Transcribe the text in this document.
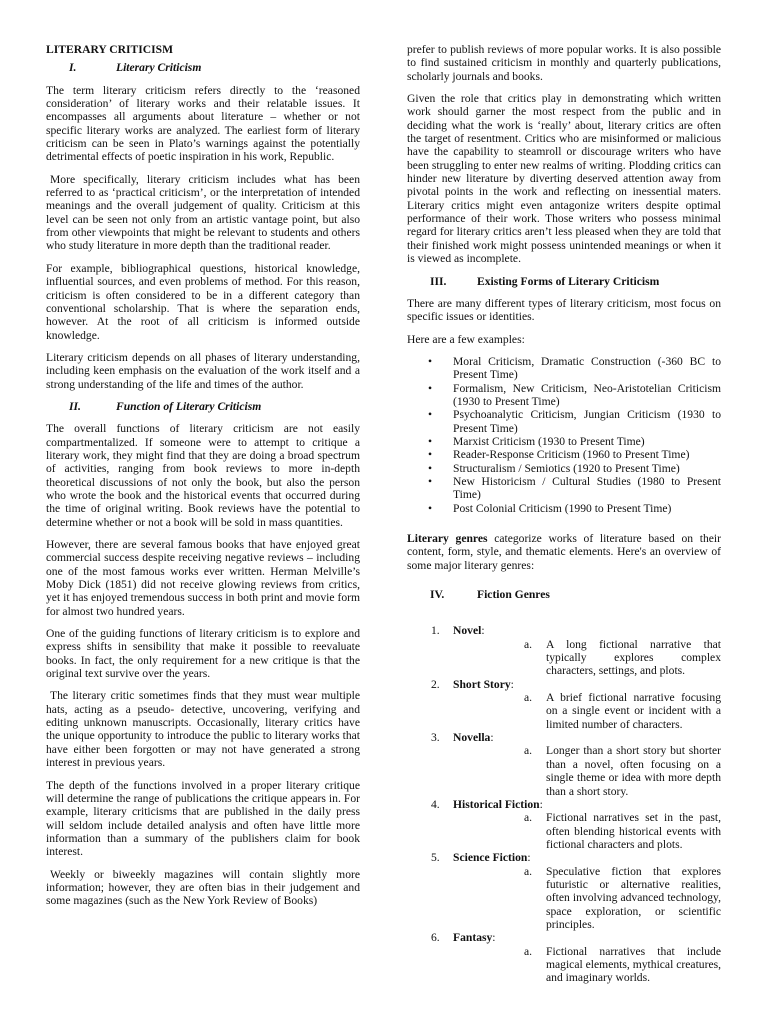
LITERARY CRITICISM
I.	Literary Criticism

The term literary criticism refers directly to the ‘reasoned consideration’ of literary works and their relatable issues. It encompasses all arguments about literature – whether or not specific literary works are analyzed. The earliest form of literary criticism can be seen in Plato’s warnings against the potentially detrimental effects of poetic inspiration in his work, Republic.

More specifically, literary criticism includes what has been referred to as ‘practical criticism’, or the interpretation of intended meanings and the overall judgement of quality. Criticism at this level can be seen not only from an artistic vantage point, but also from other viewpoints that might be relevant to students and others who study literature in more depth than the traditional reader.

For example, bibliographical questions, historical knowledge, influential sources, and even problems of method. For this reason, criticism is often considered to be in a different category than conventional scholarship. That is where the separation ends, however. At the root of all criticism is informed outside knowledge.

Literary criticism depends on all phases of literary understanding, including keen emphasis on the evaluation of the work itself and a strong understanding of the life and times of the author.

II.	Function of Literary Criticism

The overall functions of literary criticism are not easily compartmentalized. If someone were to attempt to critique a literary work, they might find that they are doing a broad spectrum of activities, ranging from book reviews to more in-depth theoretical discussions of not only the book, but also the person who wrote the book and the historical events that occurred during the time of original writing. Book reviews have the potential to determine whether or not a book will be sold in mass quantities.

However, there are several famous books that have enjoyed great commercial success despite receiving negative reviews – including one of the most famous works ever written. Herman Melville’s Moby Dick (1851) did not receive glowing reviews from critics, yet it has enjoyed tremendous success in both print and movie form for almost two hundred years.

One of the guiding functions of literary criticism is to explore and express shifts in sensibility that make it possible to reevaluate books. In fact, the only requirement for a new critique is that the original text survive over the years.

The literary critic sometimes finds that they must wear multiple hats, acting as a pseudo- detective, uncovering, verifying and editing unknown manuscripts. Occasionally, literary critics have the unique opportunity to introduce the public to literary works that have either been forgotten or may not have generated a strong interest in previous years.

The depth of the functions involved in a proper literary critique will determine the range of publications the critique appears in. For example, literary criticisms that are published in the daily press will seldom include detailed analysis and often have little more information than a summary of the publishers claim for book interest.

Weekly or biweekly magazines will contain slightly more information; however, they are often bias in their judgement and some magazines (such as the New York Review of Books)

prefer to publish reviews of more popular works. It is also possible to find sustained criticism in monthly and quarterly publications, scholarly journals and books.

Given the role that critics play in demonstrating which written work should garner the most respect from the public and in deciding what the work is ‘really’ about, literary critics are often the target of resentment. Critics who are misinformed or malicious have the capability to steamroll or discourage writers who have been struggling to enter new realms of writing. Plodding critics can hinder new literature by diverting deserved attention away from pivotal points in the work and reflecting on inessential maters. Literary critics might even antagonize writers despite optimal performance of their work. Those writers who possess minimal regard for literary critics aren’t less pleased when they are told that their finished work might possess unintended meanings or when it is viewed as incomplete.

III.	Existing Forms of Literary Criticism

There are many different types of literary criticism, most focus on specific issues or identities.

Here are a few examples:

• Moral Criticism, Dramatic Construction (-360 BC to Present Time)
• Formalism, New Criticism, Neo-Aristotelian Criticism (1930 to Present Time)
• Psychoanalytic Criticism, Jungian Criticism (1930 to Present Time)
• Marxist Criticism (1930 to Present Time)
• Reader-Response Criticism (1960 to Present Time)
• Structuralism / Semiotics (1920 to Present Time)
• New Historicism / Cultural Studies (1980 to Present Time)
• Post Colonial Criticism (1990 to Present Time)

Literary genres categorize works of literature based on their content, form, style, and thematic elements. Here's an overview of some major literary genres:

IV.	Fiction Genres
1. Novel:
a. A long fictional narrative that typically explores complex characters, settings, and plots.
2. Short Story:
a. A brief fictional narrative focusing on a single event or incident with a limited number of characters.
3. Novella:
a. Longer than a short story but shorter than a novel, often focusing on a single theme or idea with more depth than a short story.
4. Historical Fiction:
a. Fictional narratives set in the past, often blending historical events with fictional characters and plots.
5. Science Fiction:
a. Speculative fiction that explores futuristic or alternative realities, often involving advanced technology, space exploration, or scientific principles.
6. Fantasy:
a. Fictional narratives that include magical elements, mythical creatures, and imaginary worlds.
